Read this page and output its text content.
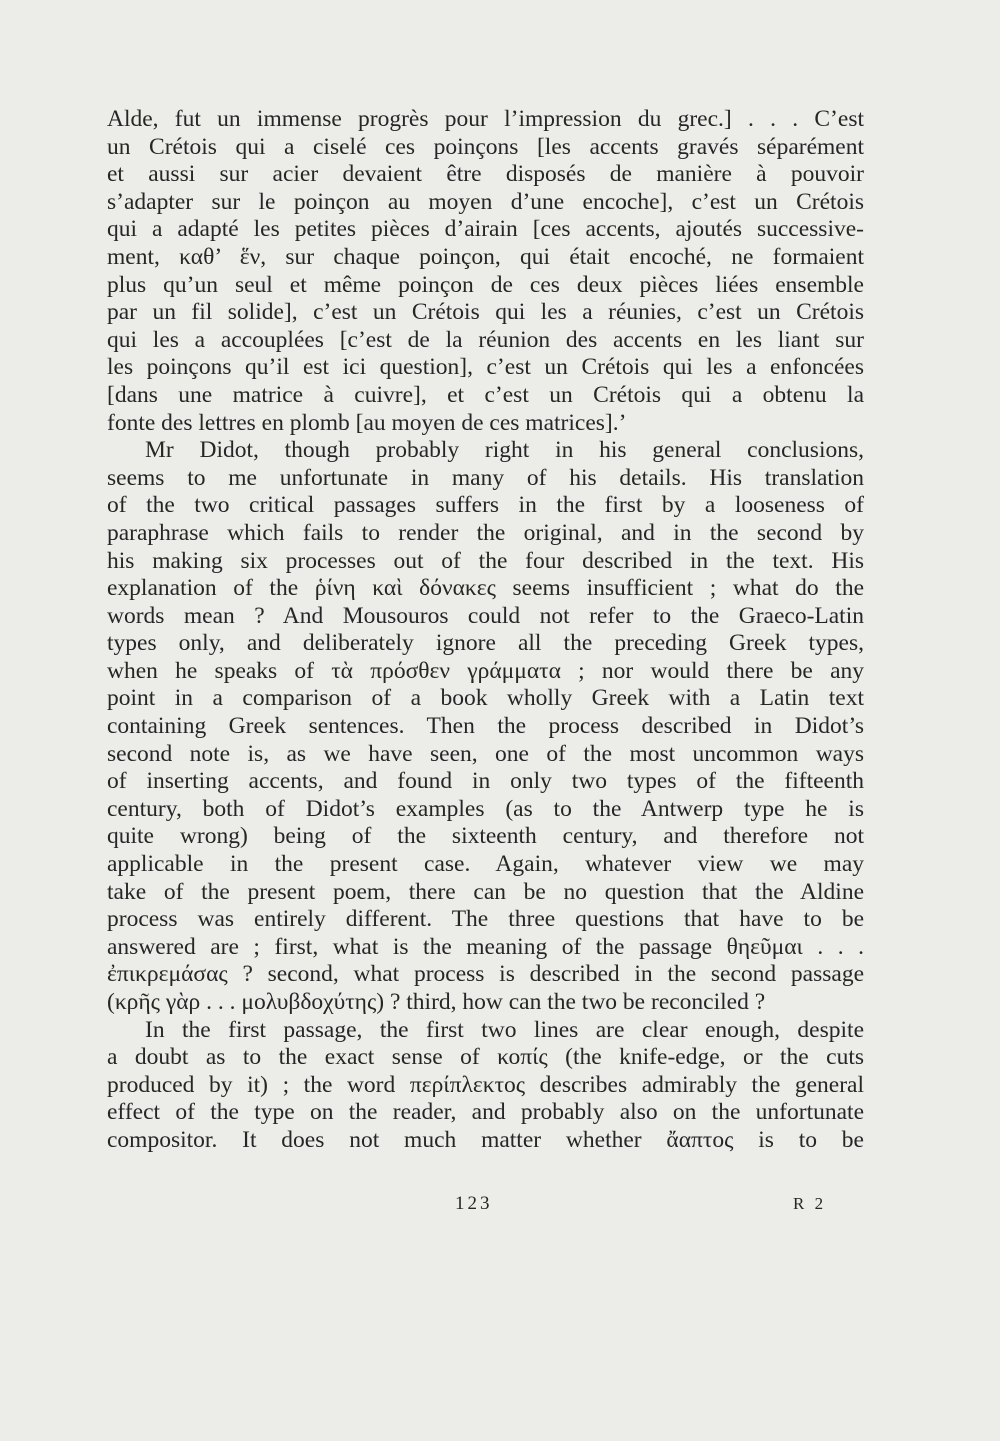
Alde, fut un immense progrès pour l’impression du grec.] . . . C’est
un Crétois qui a ciselé ces poinçons [les accents gravés séparément
et aussi sur acier devaient être disposés de manière à pouvoir
s’adapter sur le poinçon au moyen d’une encoche], c’est un Crétois
qui a adapté les petites pièces d’airain [ces accents, ajoutés successive-
ment, καθ’ ἕν, sur chaque poinçon, qui était encoché, ne formaient
plus qu’un seul et même poinçon de ces deux pièces liées ensemble
par un fil solide], c’est un Crétois qui les a réunies, c’est un Crétois
qui les a accouplées [c’est de la réunion des accents en les liant sur
les poinçons qu’il est ici question], c’est un Crétois qui les a enfoncées
[dans une matrice à cuivre], et c’est un Crétois qui a obtenu la
fonte des lettres en plomb [au moyen de ces matrices].’
Mr Didot, though probably right in his general conclusions,
seems to me unfortunate in many of his details. His translation
of the two critical passages suffers in the first by a looseness of
paraphrase which fails to render the original, and in the second by
his making six processes out of the four described in the text. His
explanation of the ῥίνη καὶ δόνακες seems insufficient ; what do the
words mean ? And Mousouros could not refer to the Graeco-Latin
types only, and deliberately ignore all the preceding Greek types,
when he speaks of τὰ πρόσθεν γράμματα ; nor would there be any
point in a comparison of a book wholly Greek with a Latin text
containing Greek sentences. Then the process described in Didot’s
second note is, as we have seen, one of the most uncommon ways
of inserting accents, and found in only two types of the fifteenth
century, both of Didot’s examples (as to the Antwerp type he is
quite wrong) being of the sixteenth century, and therefore not
applicable in the present case. Again, whatever view we may
take of the present poem, there can be no question that the Aldine
process was entirely different. The three questions that have to be
answered are ; first, what is the meaning of the passage θηεῦμαι . . .
ἐπικρεμάσας ? second, what process is described in the second passage
(κρῆς γὰρ . . . μολυβδοχύτης) ? third, how can the two be reconciled ?
In the first passage, the first two lines are clear enough, despite
a doubt as to the exact sense of κοπίς (the knife-edge, or the cuts
produced by it) ; the word περίπλεκτος describes admirably the general
effect of the type on the reader, and probably also on the unfortunate
compositor. It does not much matter whether ἄαπτος is to be
123	R 2
